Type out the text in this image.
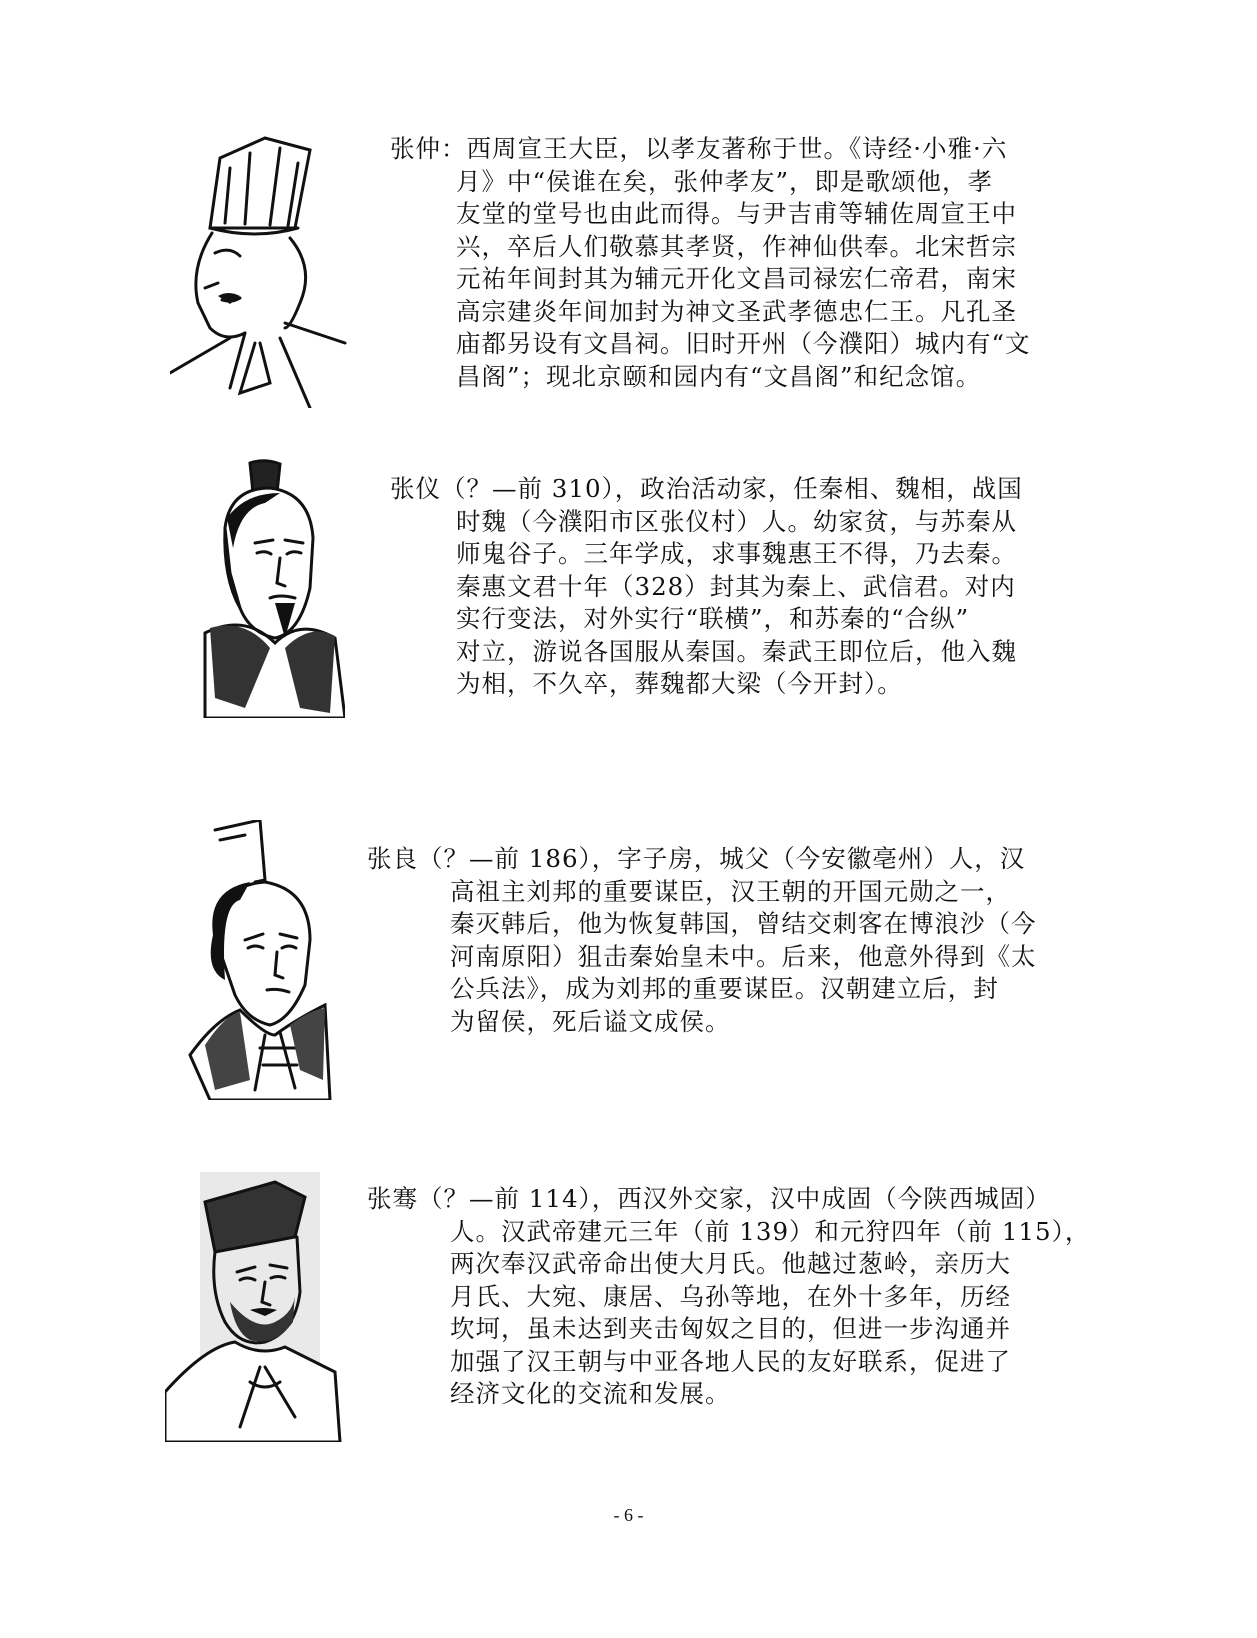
张仲：西周宣王大臣，以孝友著称于世。《诗经·小雅·六
月》中“侯谁在矣，张仲孝友”，即是歌颂他，孝
友堂的堂号也由此而得。与尹吉甫等辅佐周宣王中
兴，卒后人们敬慕其孝贤，作神仙供奉。北宋哲宗
元祐年间封其为辅元开化文昌司禄宏仁帝君，南宋
高宗建炎年间加封为神文圣武孝德忠仁王。凡孔圣
庙都另设有文昌祠。旧时开州（今濮阳）城内有“文
昌阁”；现北京颐和园内有“文昌阁”和纪念馆。
张仪（？—前 310），政治活动家，任秦相、魏相，战国
时魏（今濮阳市区张仪村）人。幼家贫，与苏秦从
师鬼谷子。三年学成，求事魏惠王不得，乃去秦。
秦惠文君十年（328）封其为秦上、武信君。对内
实行变法，对外实行“联横”，和苏秦的“合纵”
对立，游说各国服从秦国。秦武王即位后，他入魏
为相，不久卒，葬魏都大梁（今开封）。
张良（？—前 186），字子房，城父（今安徽亳州）人，汉
高祖主刘邦的重要谋臣，汉王朝的开国元勋之一，
秦灭韩后，他为恢复韩国，曾结交刺客在博浪沙（今
河南原阳）狙击秦始皇未中。后来，他意外得到《太
公兵法》，成为刘邦的重要谋臣。汉朝建立后，封
为留侯，死后谥文成侯。
张骞（？—前 114），西汉外交家，汉中成固（今陕西城固）
人。汉武帝建元三年（前 139）和元狩四年（前 115），
两次奉汉武帝命出使大月氏。他越过葱岭，亲历大
月氏、大宛、康居、乌孙等地，在外十多年，历经
坎坷，虽未达到夹击匈奴之目的，但进一步沟通并
加强了汉王朝与中亚各地人民的友好联系，促进了
经济文化的交流和发展。
- 6 -
